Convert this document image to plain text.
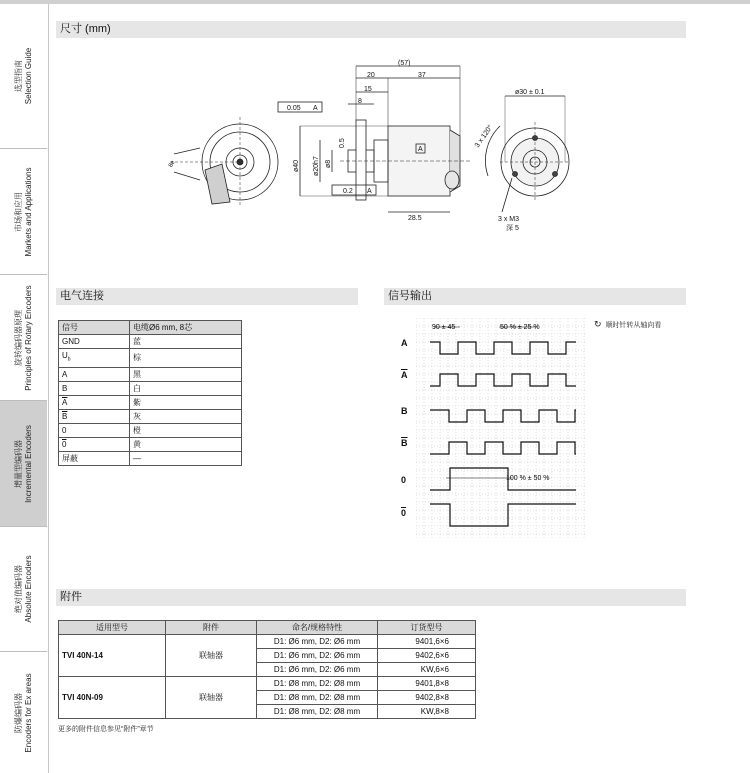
选型指南 Selection Guide
市场和应用 Markets and Applications
旋转编码器原理 Principles of Rotary Encoders
增量型编码器 Incremental Encoders
绝对值编码器 Absolute Encoders
防爆编码器 Encoders for Ex areas
尺寸 (mm)
8e
(57)
20	37
15
8
0.05 A
0.2 A
A
28.5
ø40 ø20h7 ø8
0.5
ø30 ± 0.1
3 x 120°
3 x M3
深 5
电气连接
信号	电缆Ø6 mm, 8芯
GND	蓝
$U_b$	棕
A	黑
B	白
$\overline{A}$	紫
$\overline{B}$	灰
0	橙
0	黄
屏蔽	—
信号输出
↻ 顺时针转从轴向看
A
$\overline{A}$
B
$\overline{B}$
0
0
90 ± 45	50 % ± 25 %
100 % ± 50 %
附件
适用型号	附件	命名/规格特性	订货型号
TVI 40N-14	联轴器	D1: Ø6 mm, D2: Ø6 mm	9401,6×6
		D1: Ø6 mm, D2: Ø6 mm	9402,6×6
		D1: Ø6 mm, D2: Ø6 mm	KW,6×6
TVI 40N-09	联轴器	D1: Ø8 mm, D2: Ø8 mm	9401,8×8
		D1: Ø8 mm, D2: Ø8 mm	9402,8×8
		D1: Ø8 mm, D2: Ø8 mm	KW,8×8
更多的附件信息参见“附件”章节
